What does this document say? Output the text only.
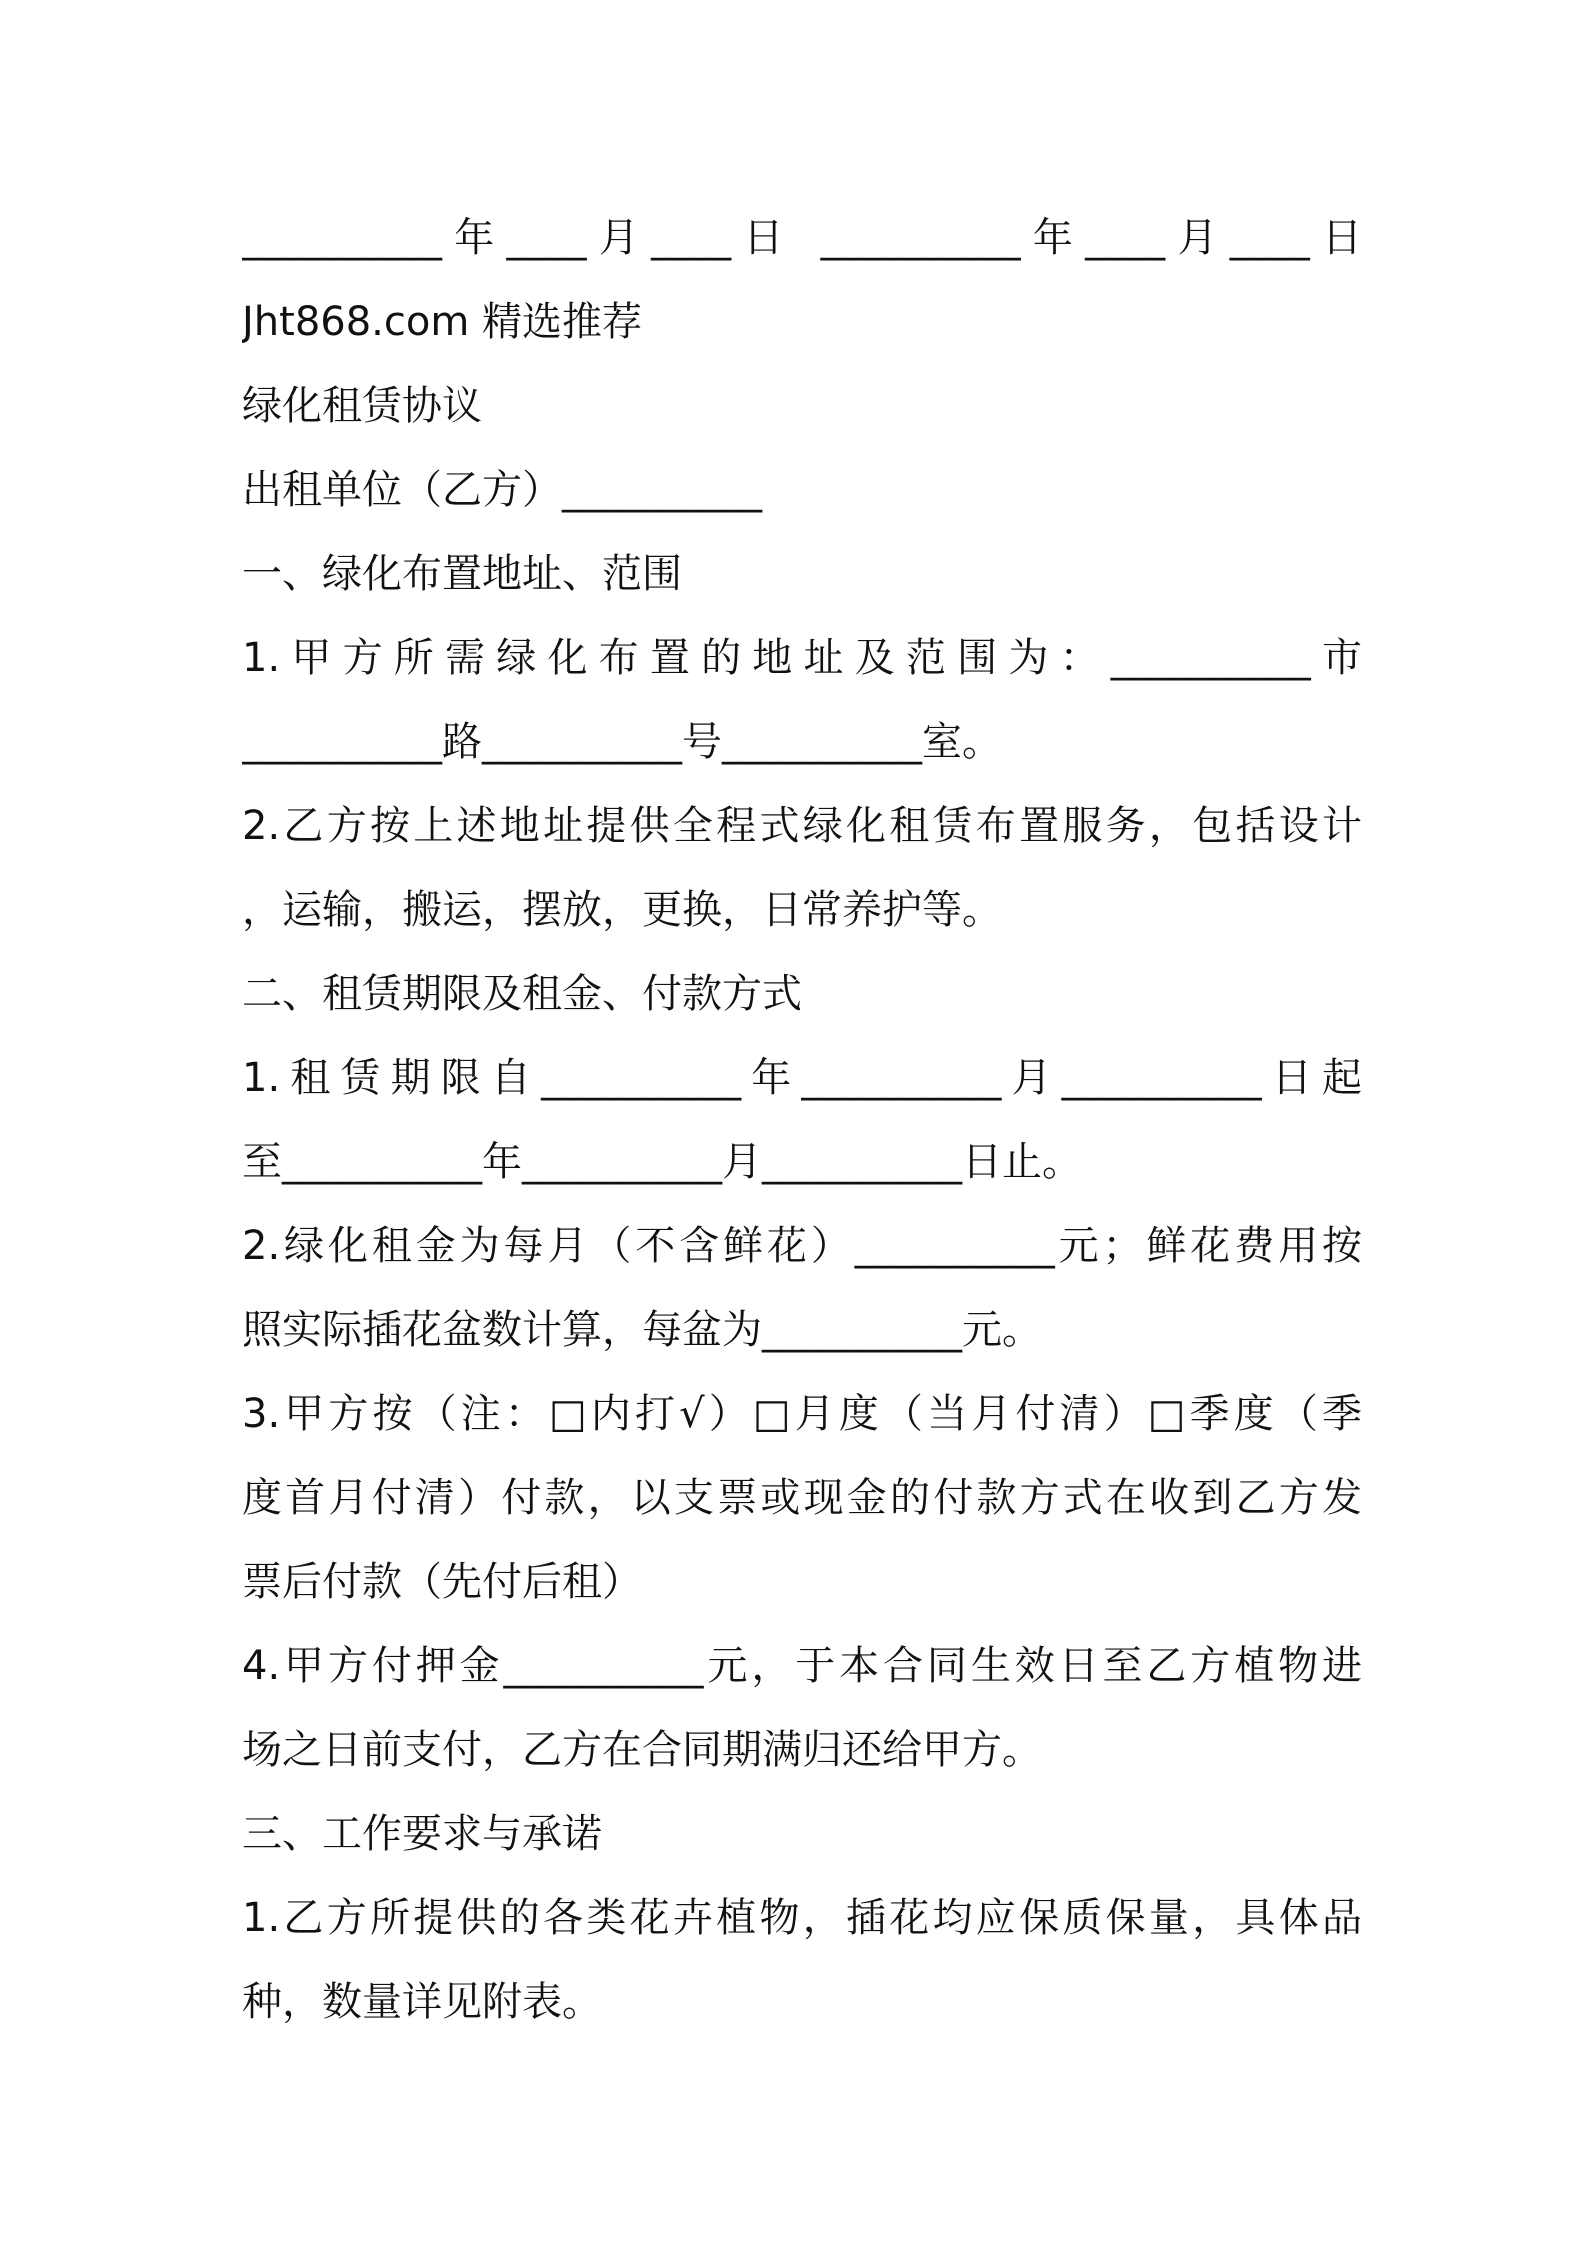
__________年____月____日 __________年____月____日
Jht868.com 精选推荐
绿化租赁协议
出租单位（乙方）__________
一、绿化布置地址、范围
1.甲方所需绿化布置的地址及范围为：__________市
__________路__________号__________室。
2.乙方按上述地址提供全程式绿化租赁布置服务，包括设计
，运输，搬运，摆放，更换，日常养护等。
二、租赁期限及租金、付款方式
1.租赁期限自__________年__________月__________日起
至__________年__________月__________日止。
2.绿化租金为每月（不含鲜花）__________元；鲜花费用按
照实际插花盆数计算，每盆为__________元。
3.甲方按（注：□内打√）□月度（当月付清）□季度（季
度首月付清）付款，以支票或现金的付款方式在收到乙方发
票后付款（先付后租）
4.甲方付押金__________元，于本合同生效日至乙方植物进
场之日前支付，乙方在合同期满归还给甲方。
三、工作要求与承诺
1.乙方所提供的各类花卉植物，插花均应保质保量，具体品
种，数量详见附表。
